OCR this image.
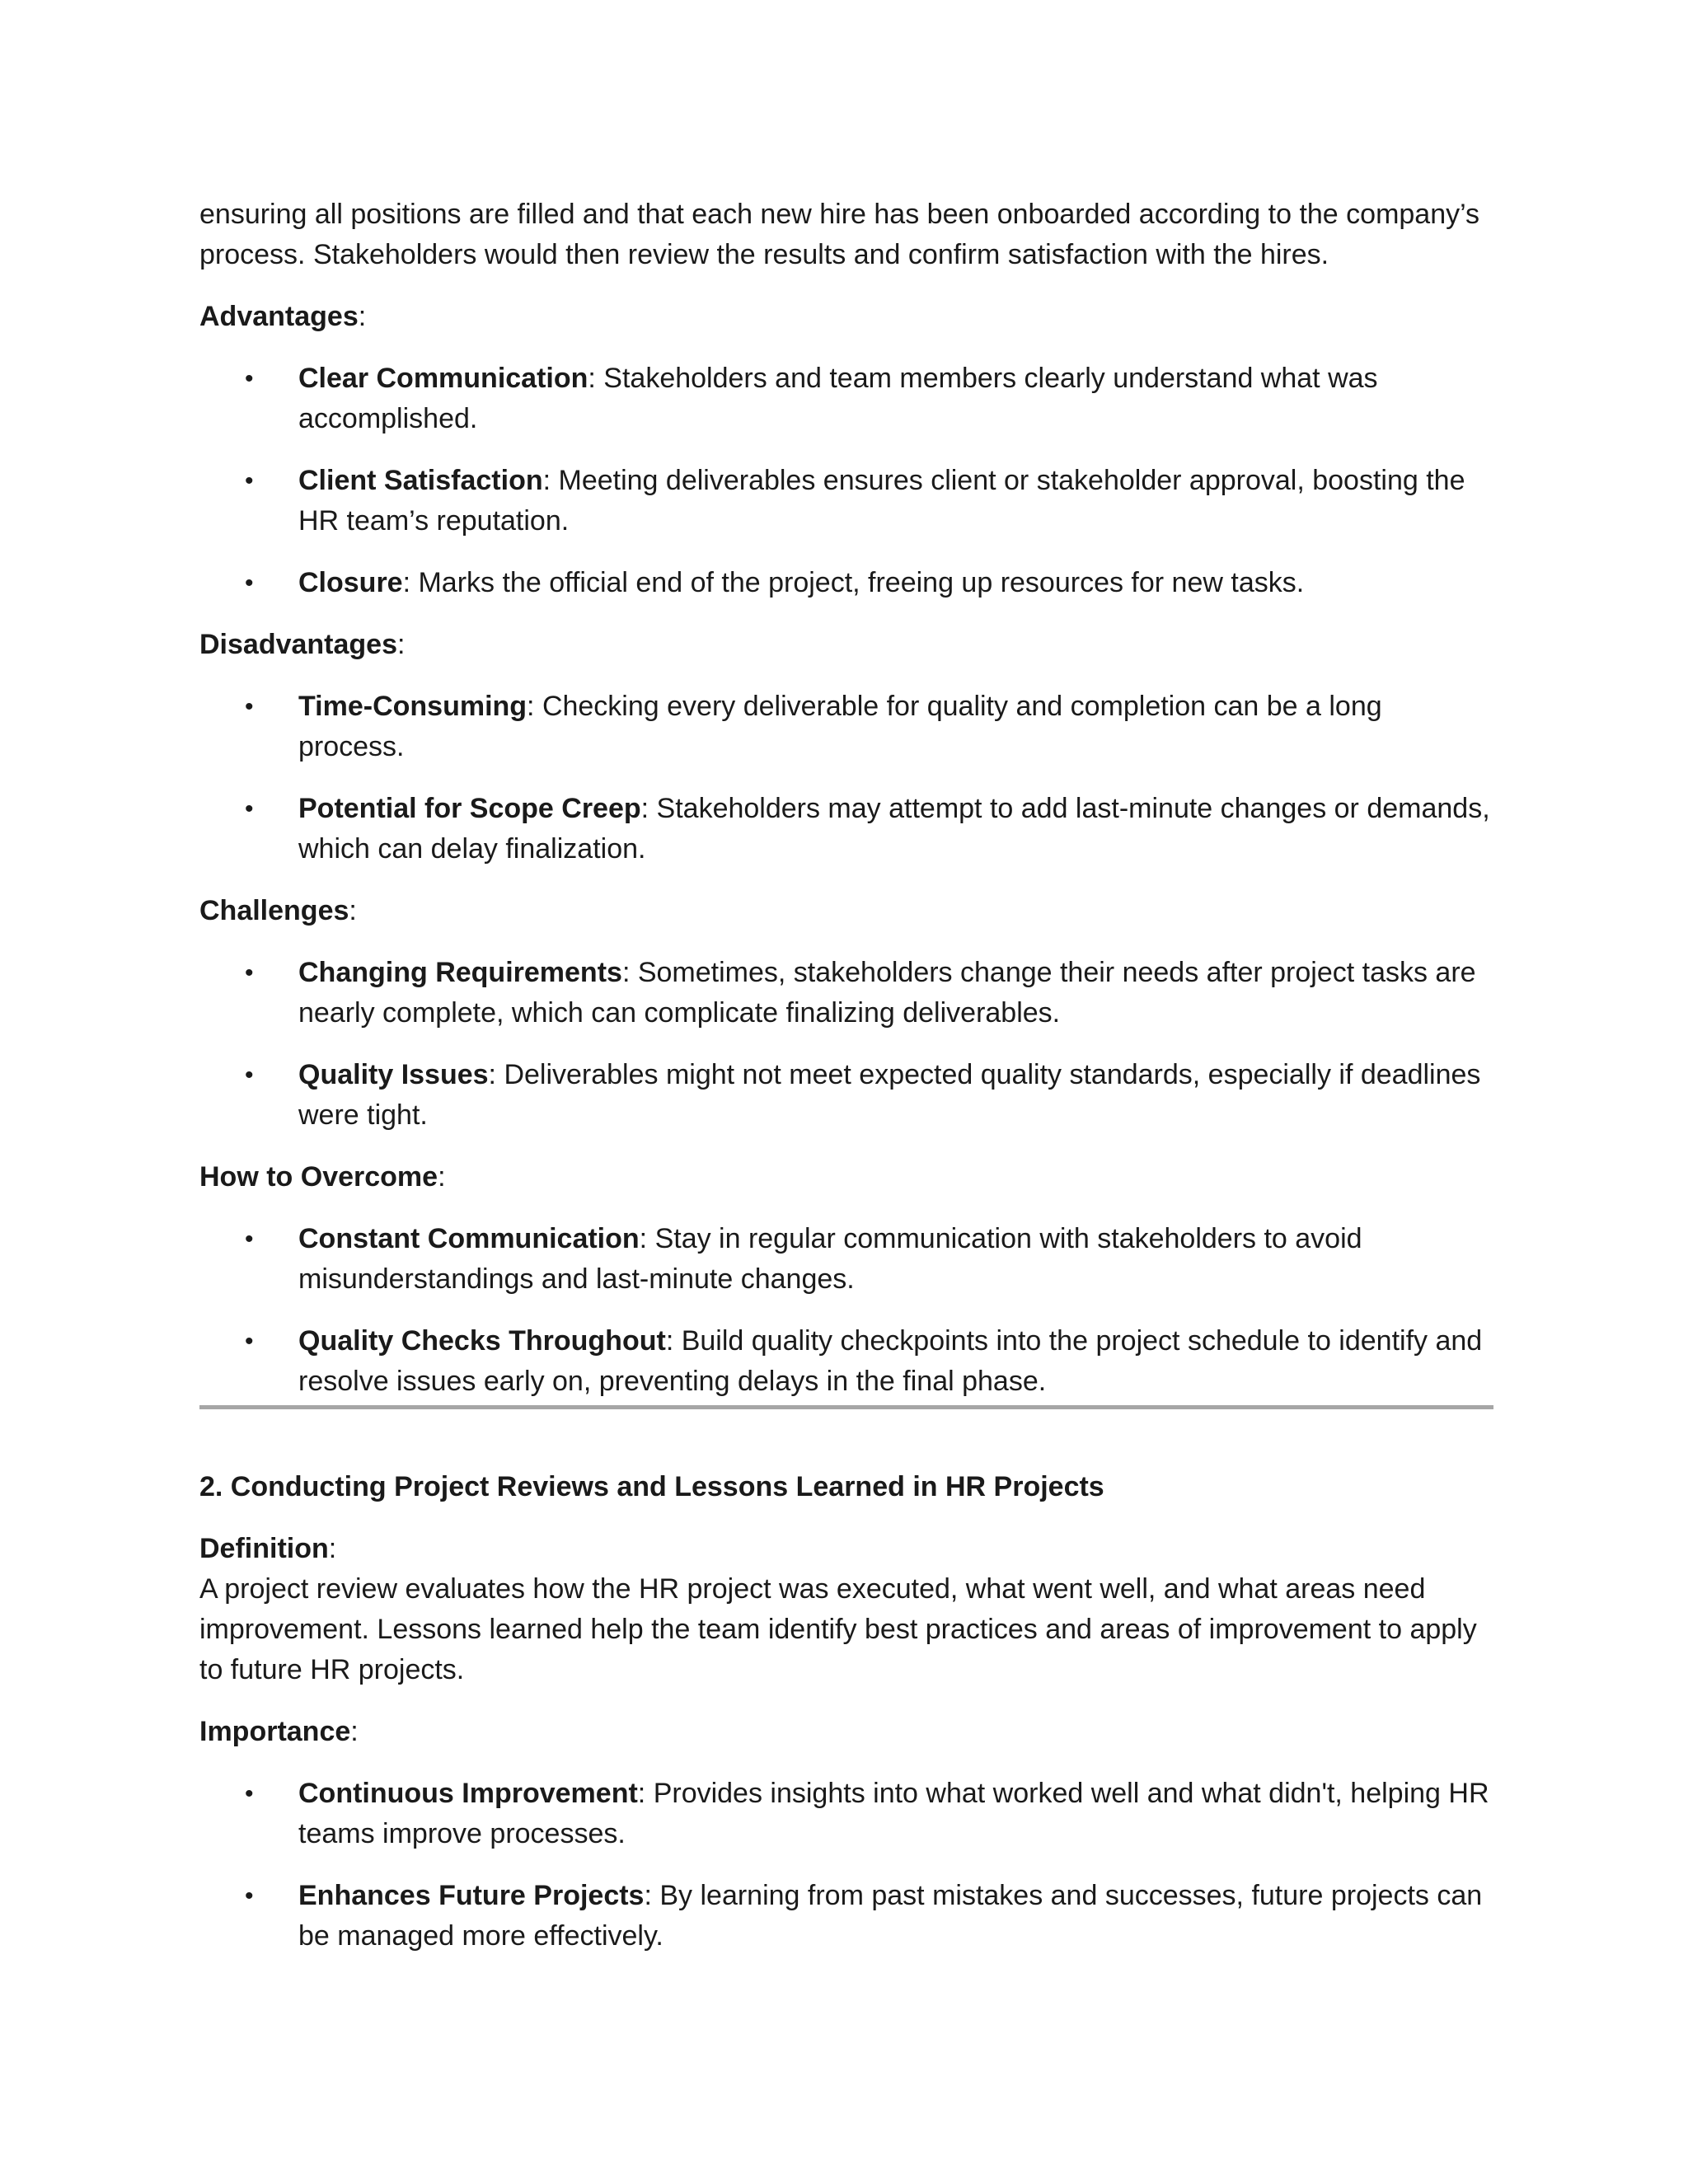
ensuring all positions are filled and that each new hire has been onboarded according to the company’s process. Stakeholders would then review the results and confirm satisfaction with the hires.

Advantages:

• Clear Communication: Stakeholders and team members clearly understand what was accomplished.
• Client Satisfaction: Meeting deliverables ensures client or stakeholder approval, boosting the HR team’s reputation.
• Closure: Marks the official end of the project, freeing up resources for new tasks.

Disadvantages:

• Time-Consuming: Checking every deliverable for quality and completion can be a long process.
• Potential for Scope Creep: Stakeholders may attempt to add last-minute changes or demands, which can delay finalization.

Challenges:

• Changing Requirements: Sometimes, stakeholders change their needs after project tasks are nearly complete, which can complicate finalizing deliverables.
• Quality Issues: Deliverables might not meet expected quality standards, especially if deadlines were tight.

How to Overcome:

• Constant Communication: Stay in regular communication with stakeholders to avoid misunderstandings and last-minute changes.
• Quality Checks Throughout: Build quality checkpoints into the project schedule to identify and resolve issues early on, preventing delays in the final phase.

2. Conducting Project Reviews and Lessons Learned in HR Projects

Definition:

A project review evaluates how the HR project was executed, what went well, and what areas need improvement. Lessons learned help the team identify best practices and areas of improvement to apply to future HR projects.

Importance:

• Continuous Improvement: Provides insights into what worked well and what didn't, helping HR teams improve processes.
• Enhances Future Projects: By learning from past mistakes and successes, future projects can be managed more effectively.
